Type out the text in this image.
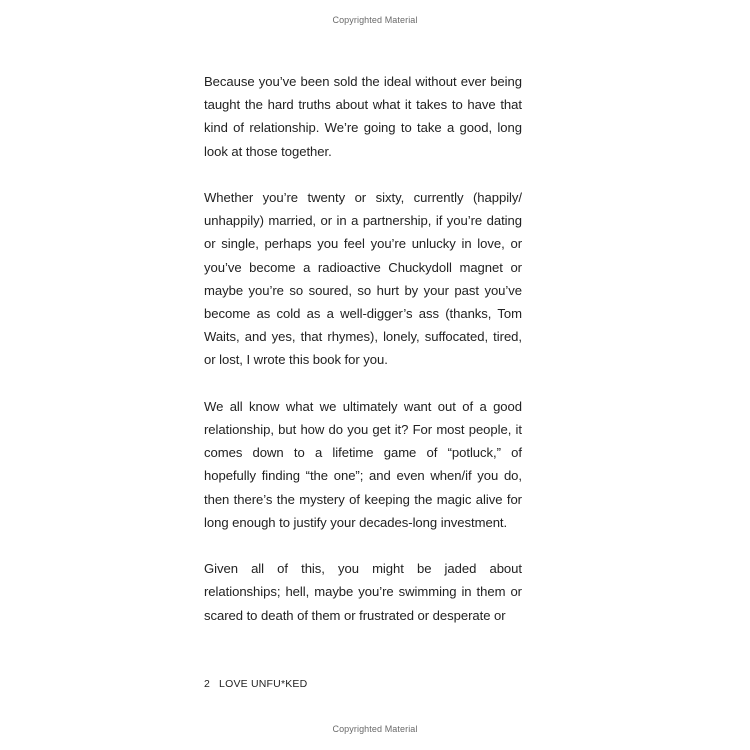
Copyrighted Material

Because you’ve been sold the ideal without ever being taught the hard truths about what it takes to have that kind of relationship. We’re going to take a good, long look at those together.

Whether you’re twenty or sixty, currently (happily/ unhappily) married, or in a partnership, if you’re dating or single, perhaps you feel you’re unlucky in love, or you’ve become a radioactive Chuckydoll magnet or maybe you’re so soured, so hurt by your past you’ve become as cold as a well-digger’s ass (thanks, Tom Waits, and yes, that rhymes), lonely, suffocated, tired, or lost, I wrote this book for you.

We all know what we ultimately want out of a good relationship, but how do you get it? For most people, it comes down to a lifetime game of “potluck,” of hopefully finding “the one”; and even when/if you do, then there’s the mystery of keeping the magic alive for long enough to justify your decades-long investment.

Given all of this, you might be jaded about relationships; hell, maybe you’re swimming in them or scared to death of them or frustrated or desperate or

2 LOVE UNFU*KED
Copyrighted Material
